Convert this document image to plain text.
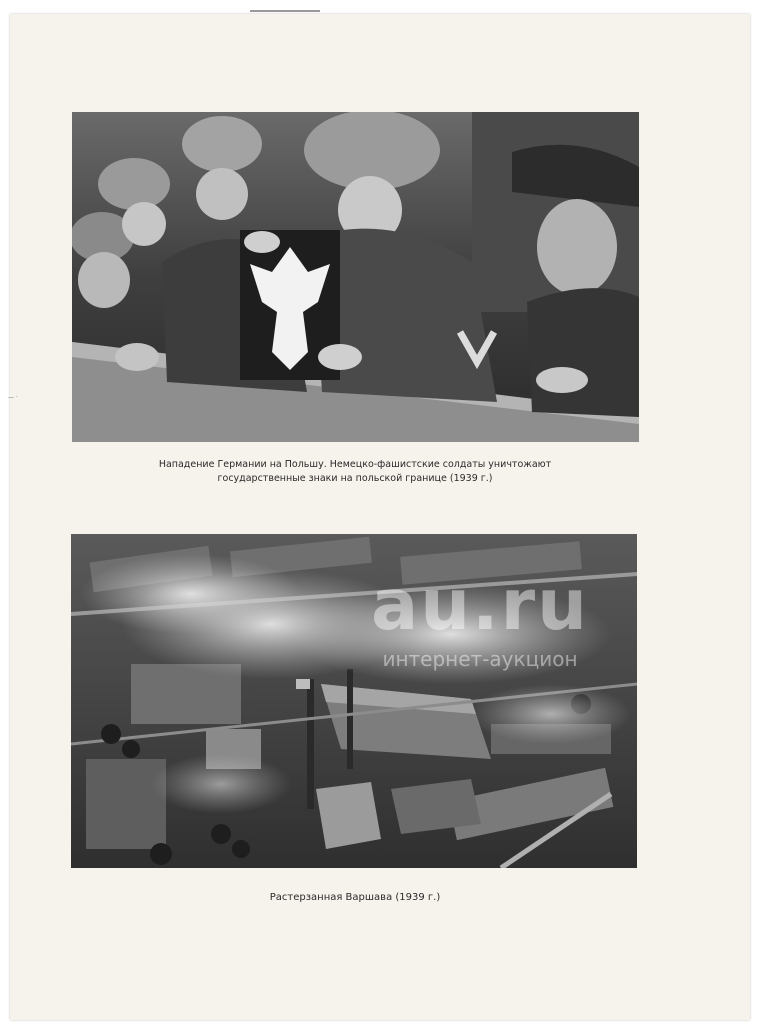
— ·
Нападение Германии на Польшу. Немецко-фашистские солдаты уничтожают
государственные знаки на польской границе (1939 г.)
au.ru
интернет-аукцион
Растерзанная Варшава (1939 г.)
